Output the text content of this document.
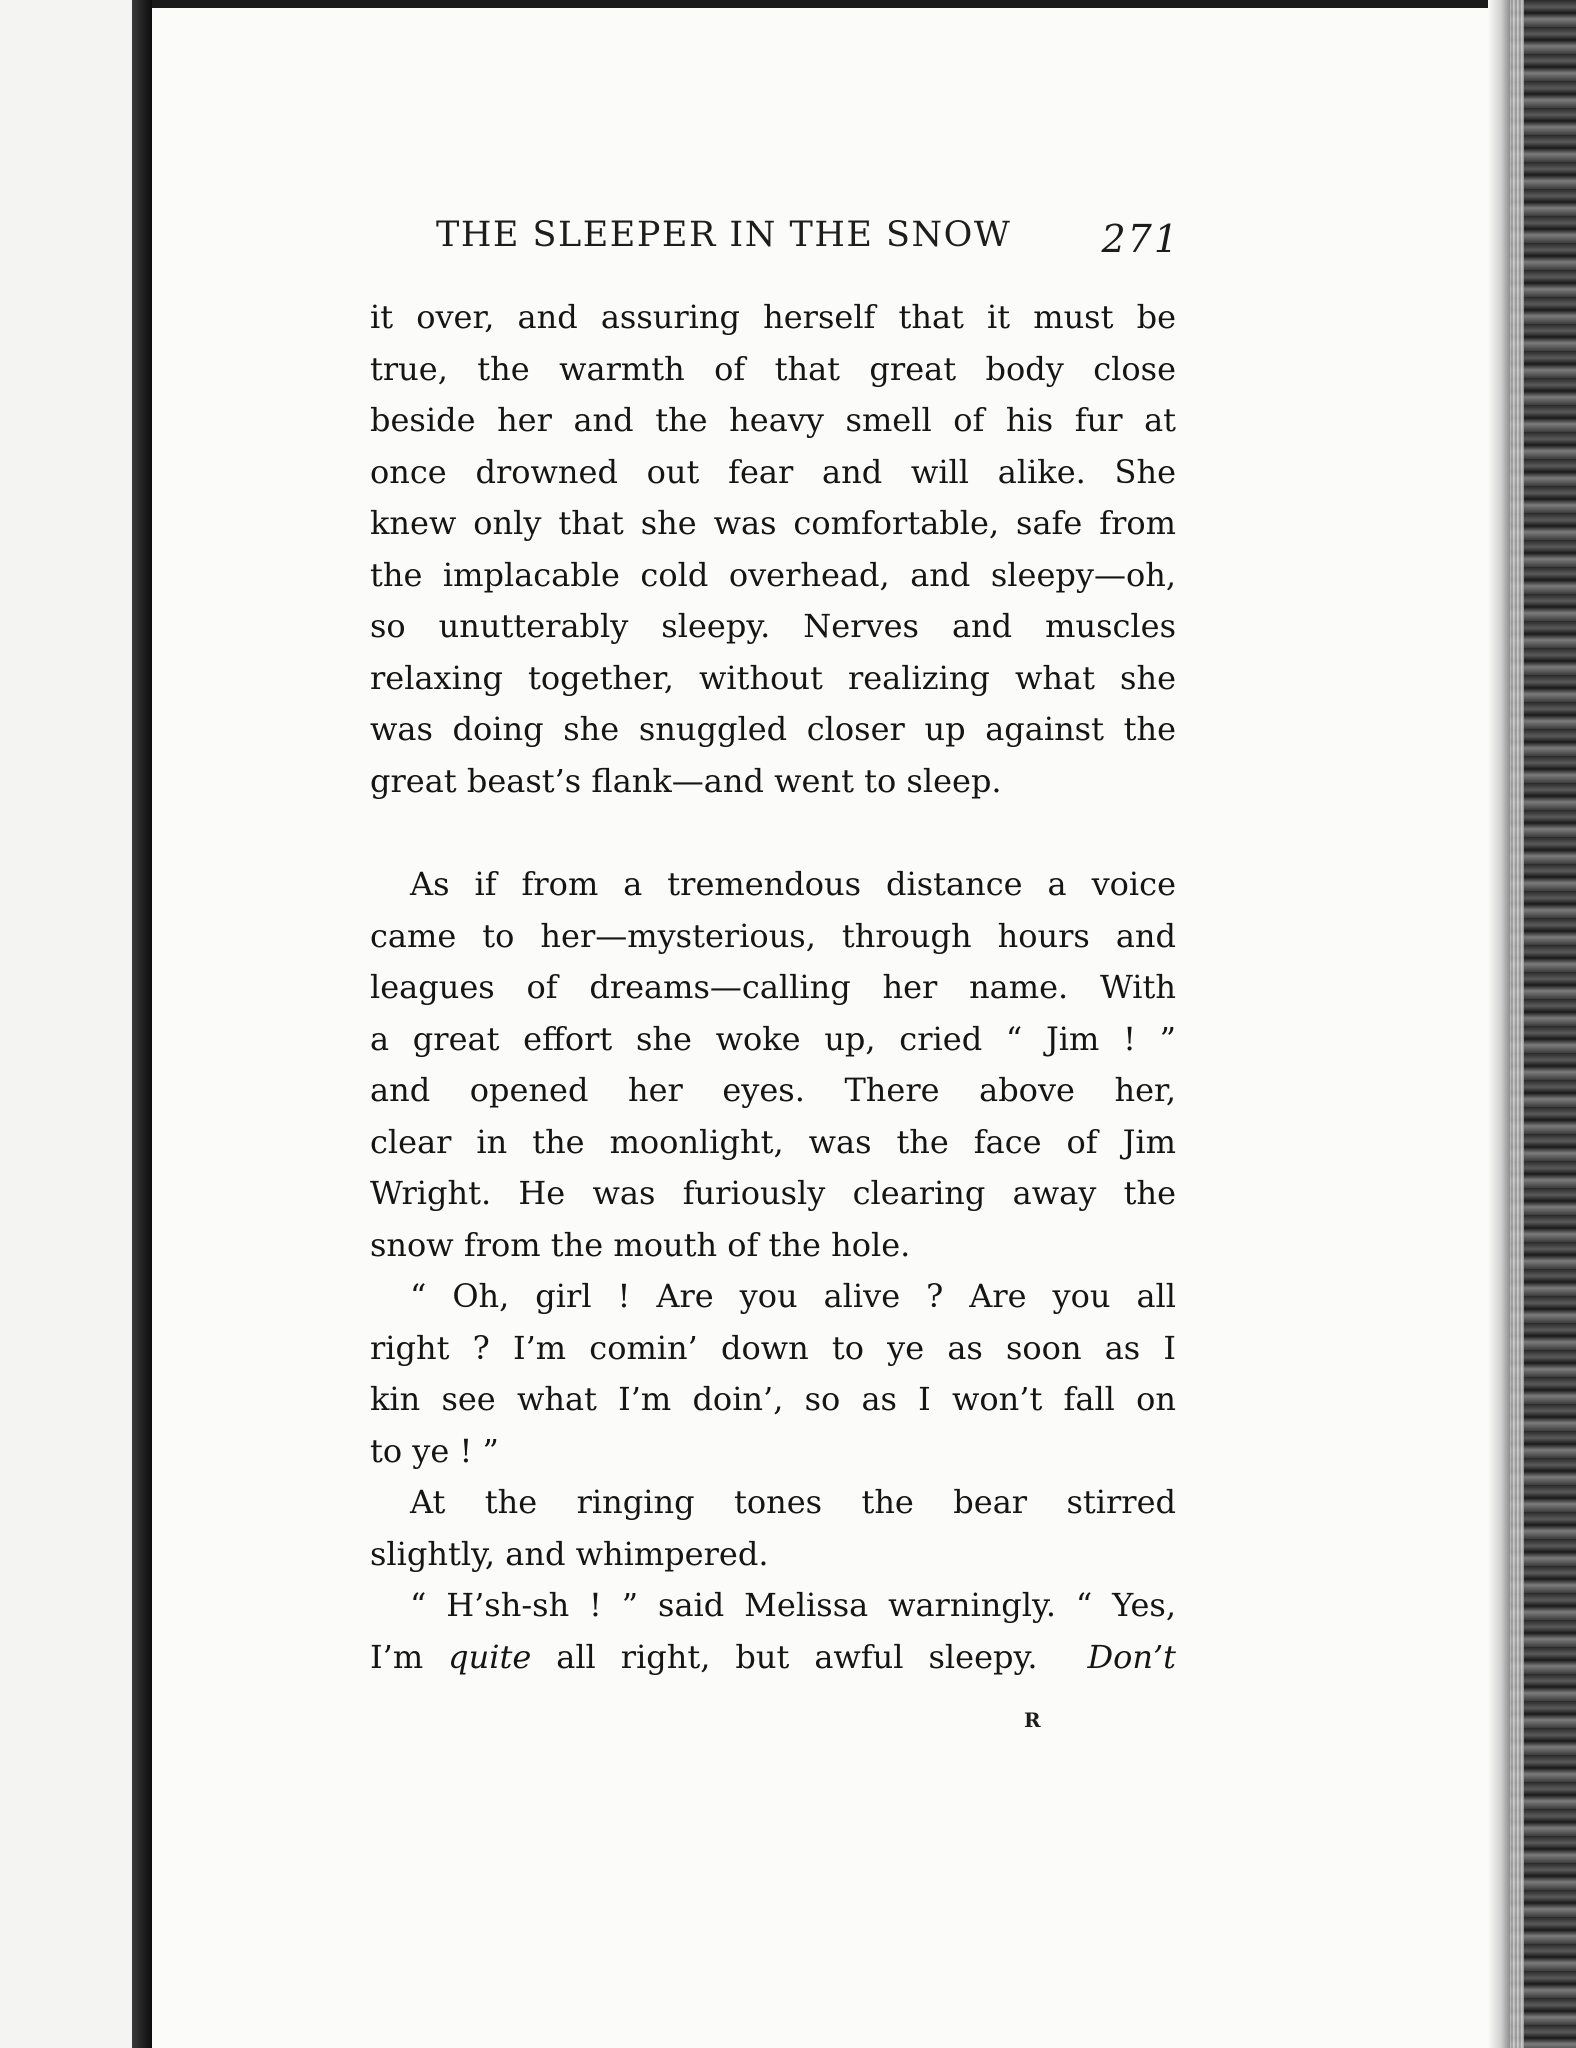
THE SLEEPER IN THE SNOW 271
it over, and assuring herself that it must be
true, the warmth of that great body close
beside her and the heavy smell of his fur at
once drowned out fear and will alike. She
knew only that she was comfortable, safe from
the implacable cold overhead, and sleepy—oh,
so unutterably sleepy. Nerves and muscles
relaxing together, without realizing what she
was doing she snuggled closer up against the
great beast’s flank—and went to sleep.
As if from a tremendous distance a voice
came to her—mysterious, through hours and
leagues of dreams—calling her name. With
a great effort she woke up, cried “ Jim ! ”
and opened her eyes. There above her,
clear in the moonlight, was the face of Jim
Wright. He was furiously clearing away the
snow from the mouth of the hole.
“ Oh, girl ! Are you alive ? Are you all
right ? I’m comin’ down to ye as soon as I
kin see what I’m doin’, so as I won’t fall on
to ye ! ”
At the ringing tones the bear stirred
slightly, and whimpered.
“ H’sh-sh ! ” said Melissa warningly. “ Yes,
I’m quite all right, but awful sleepy.  Don’t
R
